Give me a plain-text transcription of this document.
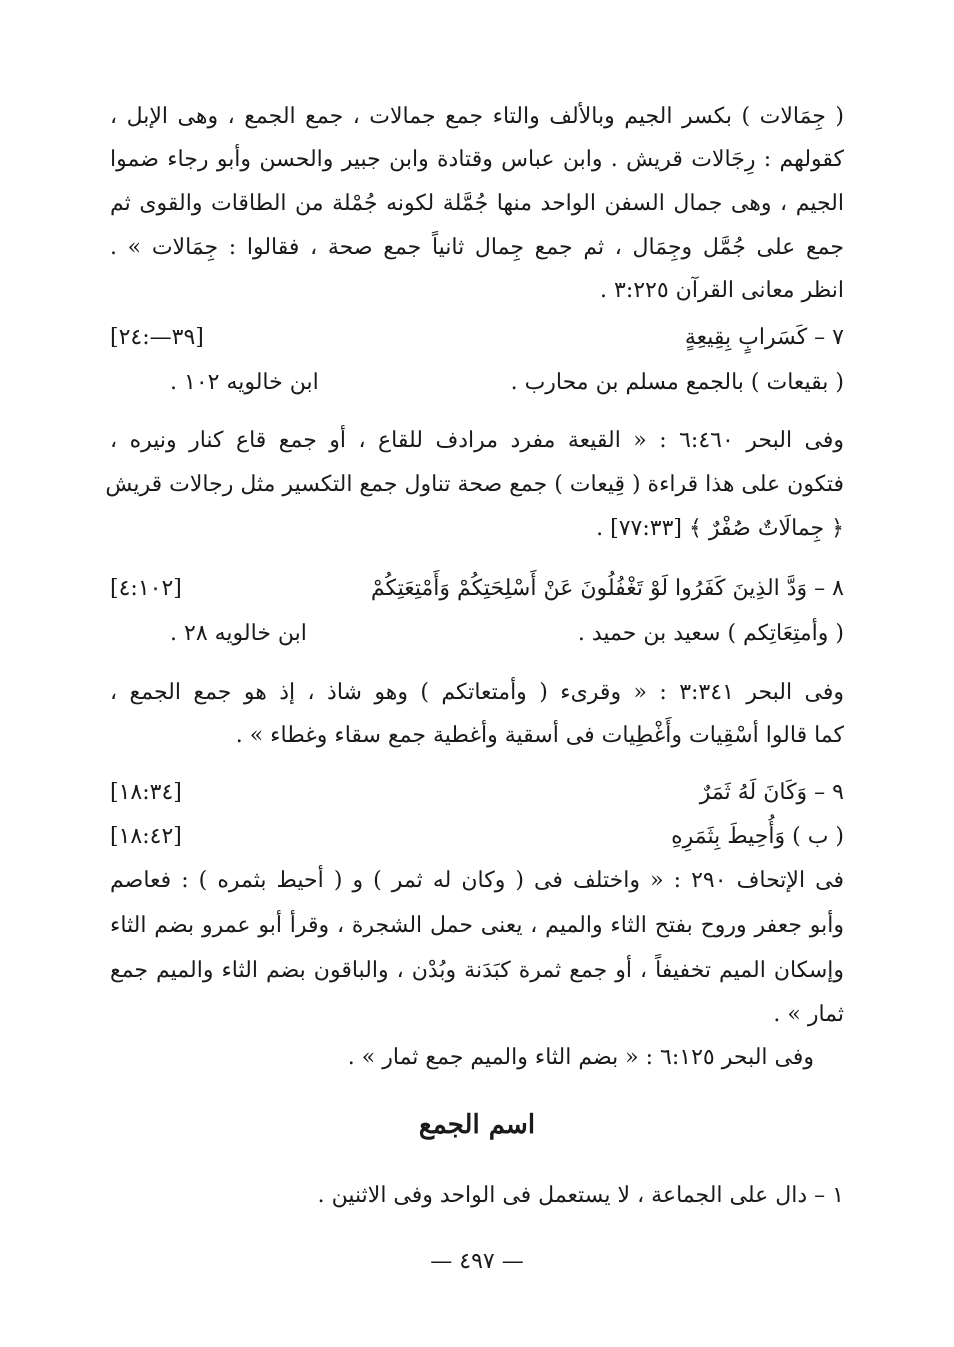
( جِمَالات ) بكسر الجيم وبالألف والتاء جمع جمالات ، جمع الجمع ، وهى الإبل ،
كقولهم : رِجَالات قريش . وابن عباس وقتادة وابن جبير والحسن وأبو رجاء ضموا
الجيم ، وهى جمال السفن الواحد منها جُمَّلة لكونه جُمْلة من الطاقات والقوى ثم
جمع على جُمَّل وجِمَال ، ثم جمع جِمال ثانياً جمع صحة ، فقالوا : جِمَالات » .
انظر معانى القرآن ٣:٢٢٥ .
٧ – كَسَرابٍ بِقِيعِةٍ
[٣٩—:٢٤]
( بقيعات ) بالجمع مسلم بن محارب .
ابن خالويه ١٠٢ .
وفى البحر ٦:٤٦٠ : « القيعة مفرد مرادف للقاع ، أو جمع قاع كنار ونيره ،
فتكون على هذا قراءة ( قِيعات ) جمع صحة تناول جمع التكسير مثل رجالات قريش
﴿ جِمالَاتٌ صُفْرٌ ﴾ [٧٧:٣٣] .
٨ – وَدَّ الذِينَ كَفَرُوا لَوْ تَغْفُلُونَ عَنْ أَسْلِحَتِكُمْ وَأَمْتِعَتِكُمْ
[٤:١٠٢]
( وأمتِعَاتِكم ) سعيد بن حميد .
ابن خالويه ٢٨ .
وفى البحر ٣:٣٤١ : « وقرىء ( وأمتعاتكم ) وهو شاذ ، إذ هو جمع الجمع ،
كما قالوا أسْقِيات وأَغْطِيات فى أسقية وأغطية جمع سقاء وغطاء » .
٩ – وَكَانَ لَهُ ثَمَرٌ
[١٨:٣٤]
( ب ) وَأُحِيطَ بِثَمَرِهِ
[١٨:٤٢]
فى الإتحاف ٢٩٠ : « واختلف فى ( وكان له ثمر ) و ( أحيط بثمره ) : فعاصم
وأبو جعفر وروح بفتح الثاء والميم ، يعنى حمل الشجرة ، وقرأ أبو عمرو بضم الثاء
وإسكان الميم تخفيفاً ، أو جمع ثمرة كبَدَنة وبُدْن ، والباقون بضم الثاء والميم جمع
ثمار » .
وفى البحر ٦:١٢٥ : « بضم الثاء والميم جمع ثمار » .
اسم الجمع
١ – دال على الجماعة ، لا يستعمل فى الواحد وفى الاثنين .
— ٤٩٧ —
